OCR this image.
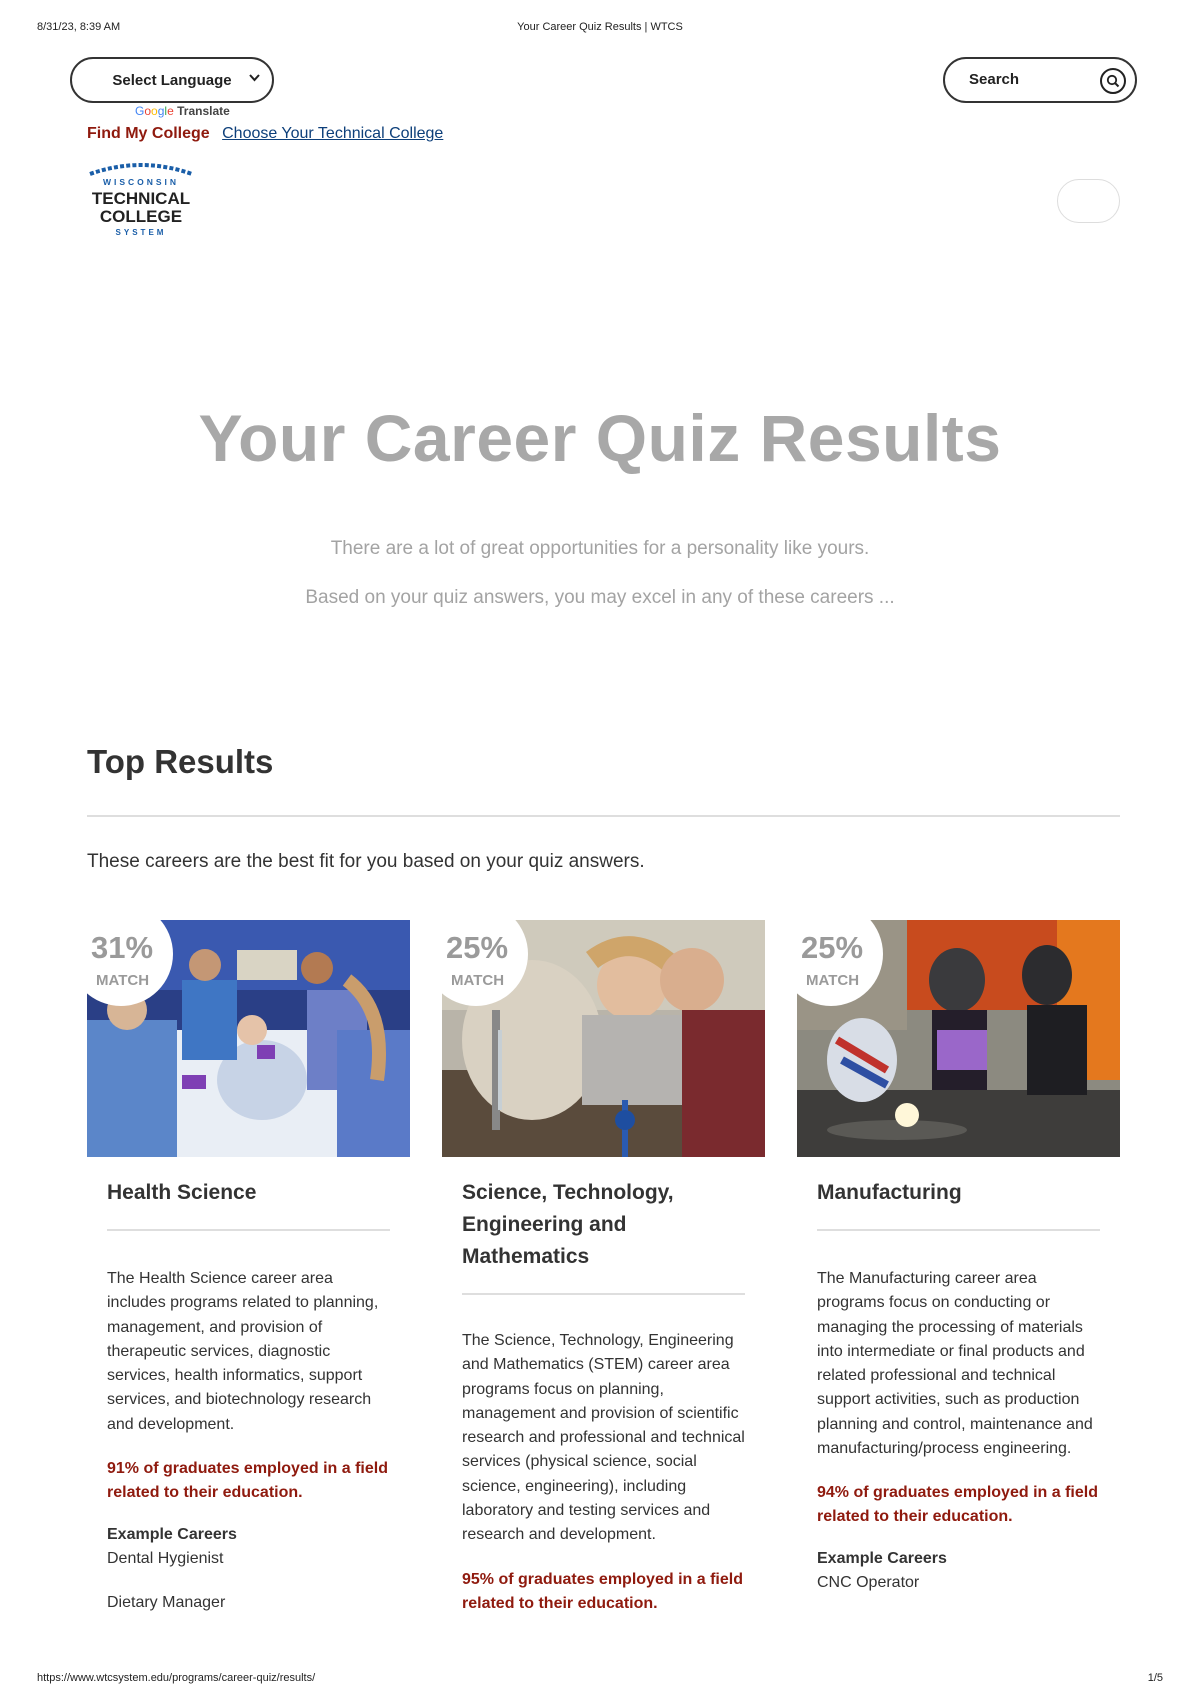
8/31/23, 8:39 AM	Your Career Quiz Results | WTCS
Select Language
Google Translate
Search
Find My College Choose Your Technical College
WISCONSIN
TECHNICAL
COLLEGE
SYSTEM
Your Career Quiz Results

There are a lot of great opportunities for a personality like yours.

Based on your quiz answers, you may excel in any of these careers ...

Top Results

These careers are the best fit for you based on your quiz answers.

31%
MATCH
Health Science
The Health Science career area includes programs related to planning, management, and provision of therapeutic services, diagnostic services, health informatics, support services, and biotechnology research and development.
91% of graduates employed in a field related to their education.
Example Careers
Dental Hygienist
Dietary Manager
25%
MATCH
Science, Technology, Engineering and Mathematics
The Science, Technology, Engineering and Mathematics (STEM) career area programs focus on planning, management and provision of scientific research and professional and technical services (physical science, social science, engineering), including laboratory and testing services and research and development.
95% of graduates employed in a field related to their education.
25%
MATCH
Manufacturing
The Manufacturing career area programs focus on conducting or managing the processing of materials into intermediate or final products and related professional and technical support activities, such as production planning and control, maintenance and manufacturing/process engineering.
94% of graduates employed in a field related to their education.
Example Careers
CNC Operator
https://www.wtcsystem.edu/programs/career-quiz/results/	1/5
